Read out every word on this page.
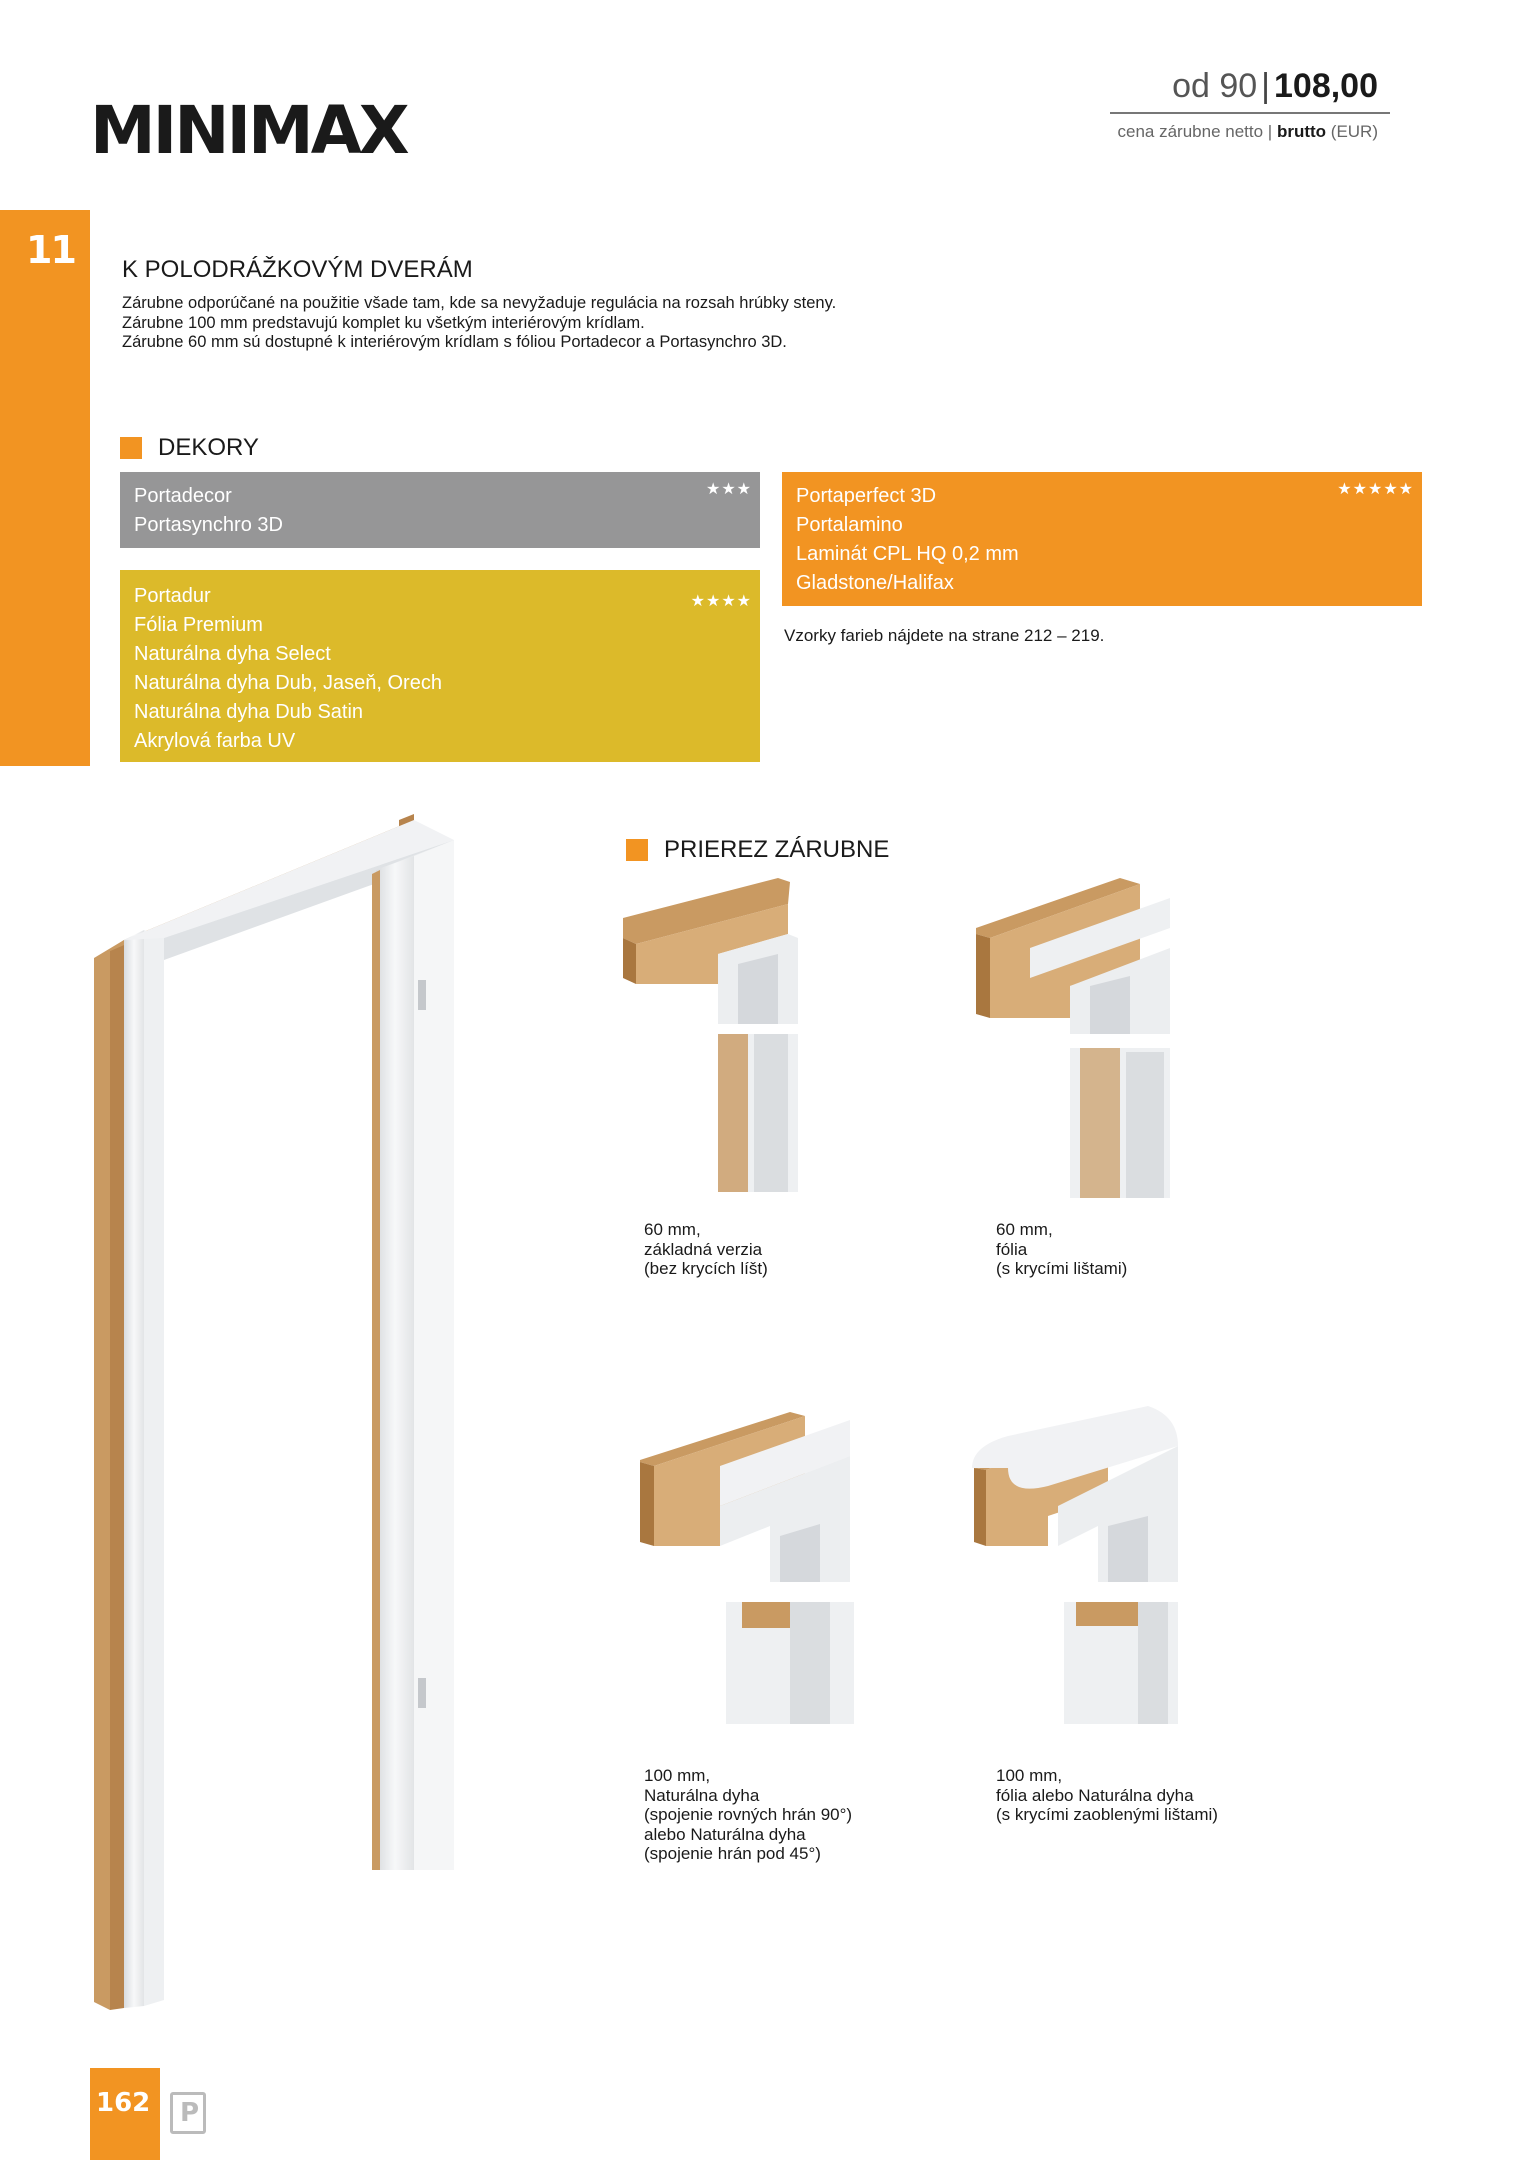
MINIMAX
od 90 | 108,00
cena zárubne netto | brutto (EUR)
11 K POLODRÁŽKOVÝM DVERÁM
Zárubne odporúčané na použitie všade tam, kde sa nevyžaduje regulácia na rozsah hrúbky steny.
Zárubne 100 mm predstavujú komplet ku všetkým interiérovým krídlam.
Zárubne 60 mm sú dostupné k interiérovým krídlam s fóliou Portadecor a Portasynchro 3D.
DEKORY
Portadecor
Portasynchro 3D
★★★
Portadur
Fólia Premium
Naturálna dyha Select
Naturálna dyha Dub, Jaseň, Orech
Naturálna dyha Dub Satin
Akrylová farba UV
★★★★
Portaperfect 3D
Portalamino
Laminát CPL HQ 0,2 mm
Gladstone/Halifax
★★★★★
Vzorky farieb nájdete na strane 212 – 219.
PRIEREZ ZÁRUBNE
60 mm,
základná verzia
(bez krycích líšt)
60 mm,
fólia
(s krycími lištami)
100 mm,
Naturálna dyha
(spojenie rovných hrán 90°)
alebo Naturálna dyha
(spojenie hrán pod 45°)
100 mm,
fólia alebo Naturálna dyha
(s krycími zaoblenými lištami)
162 P
